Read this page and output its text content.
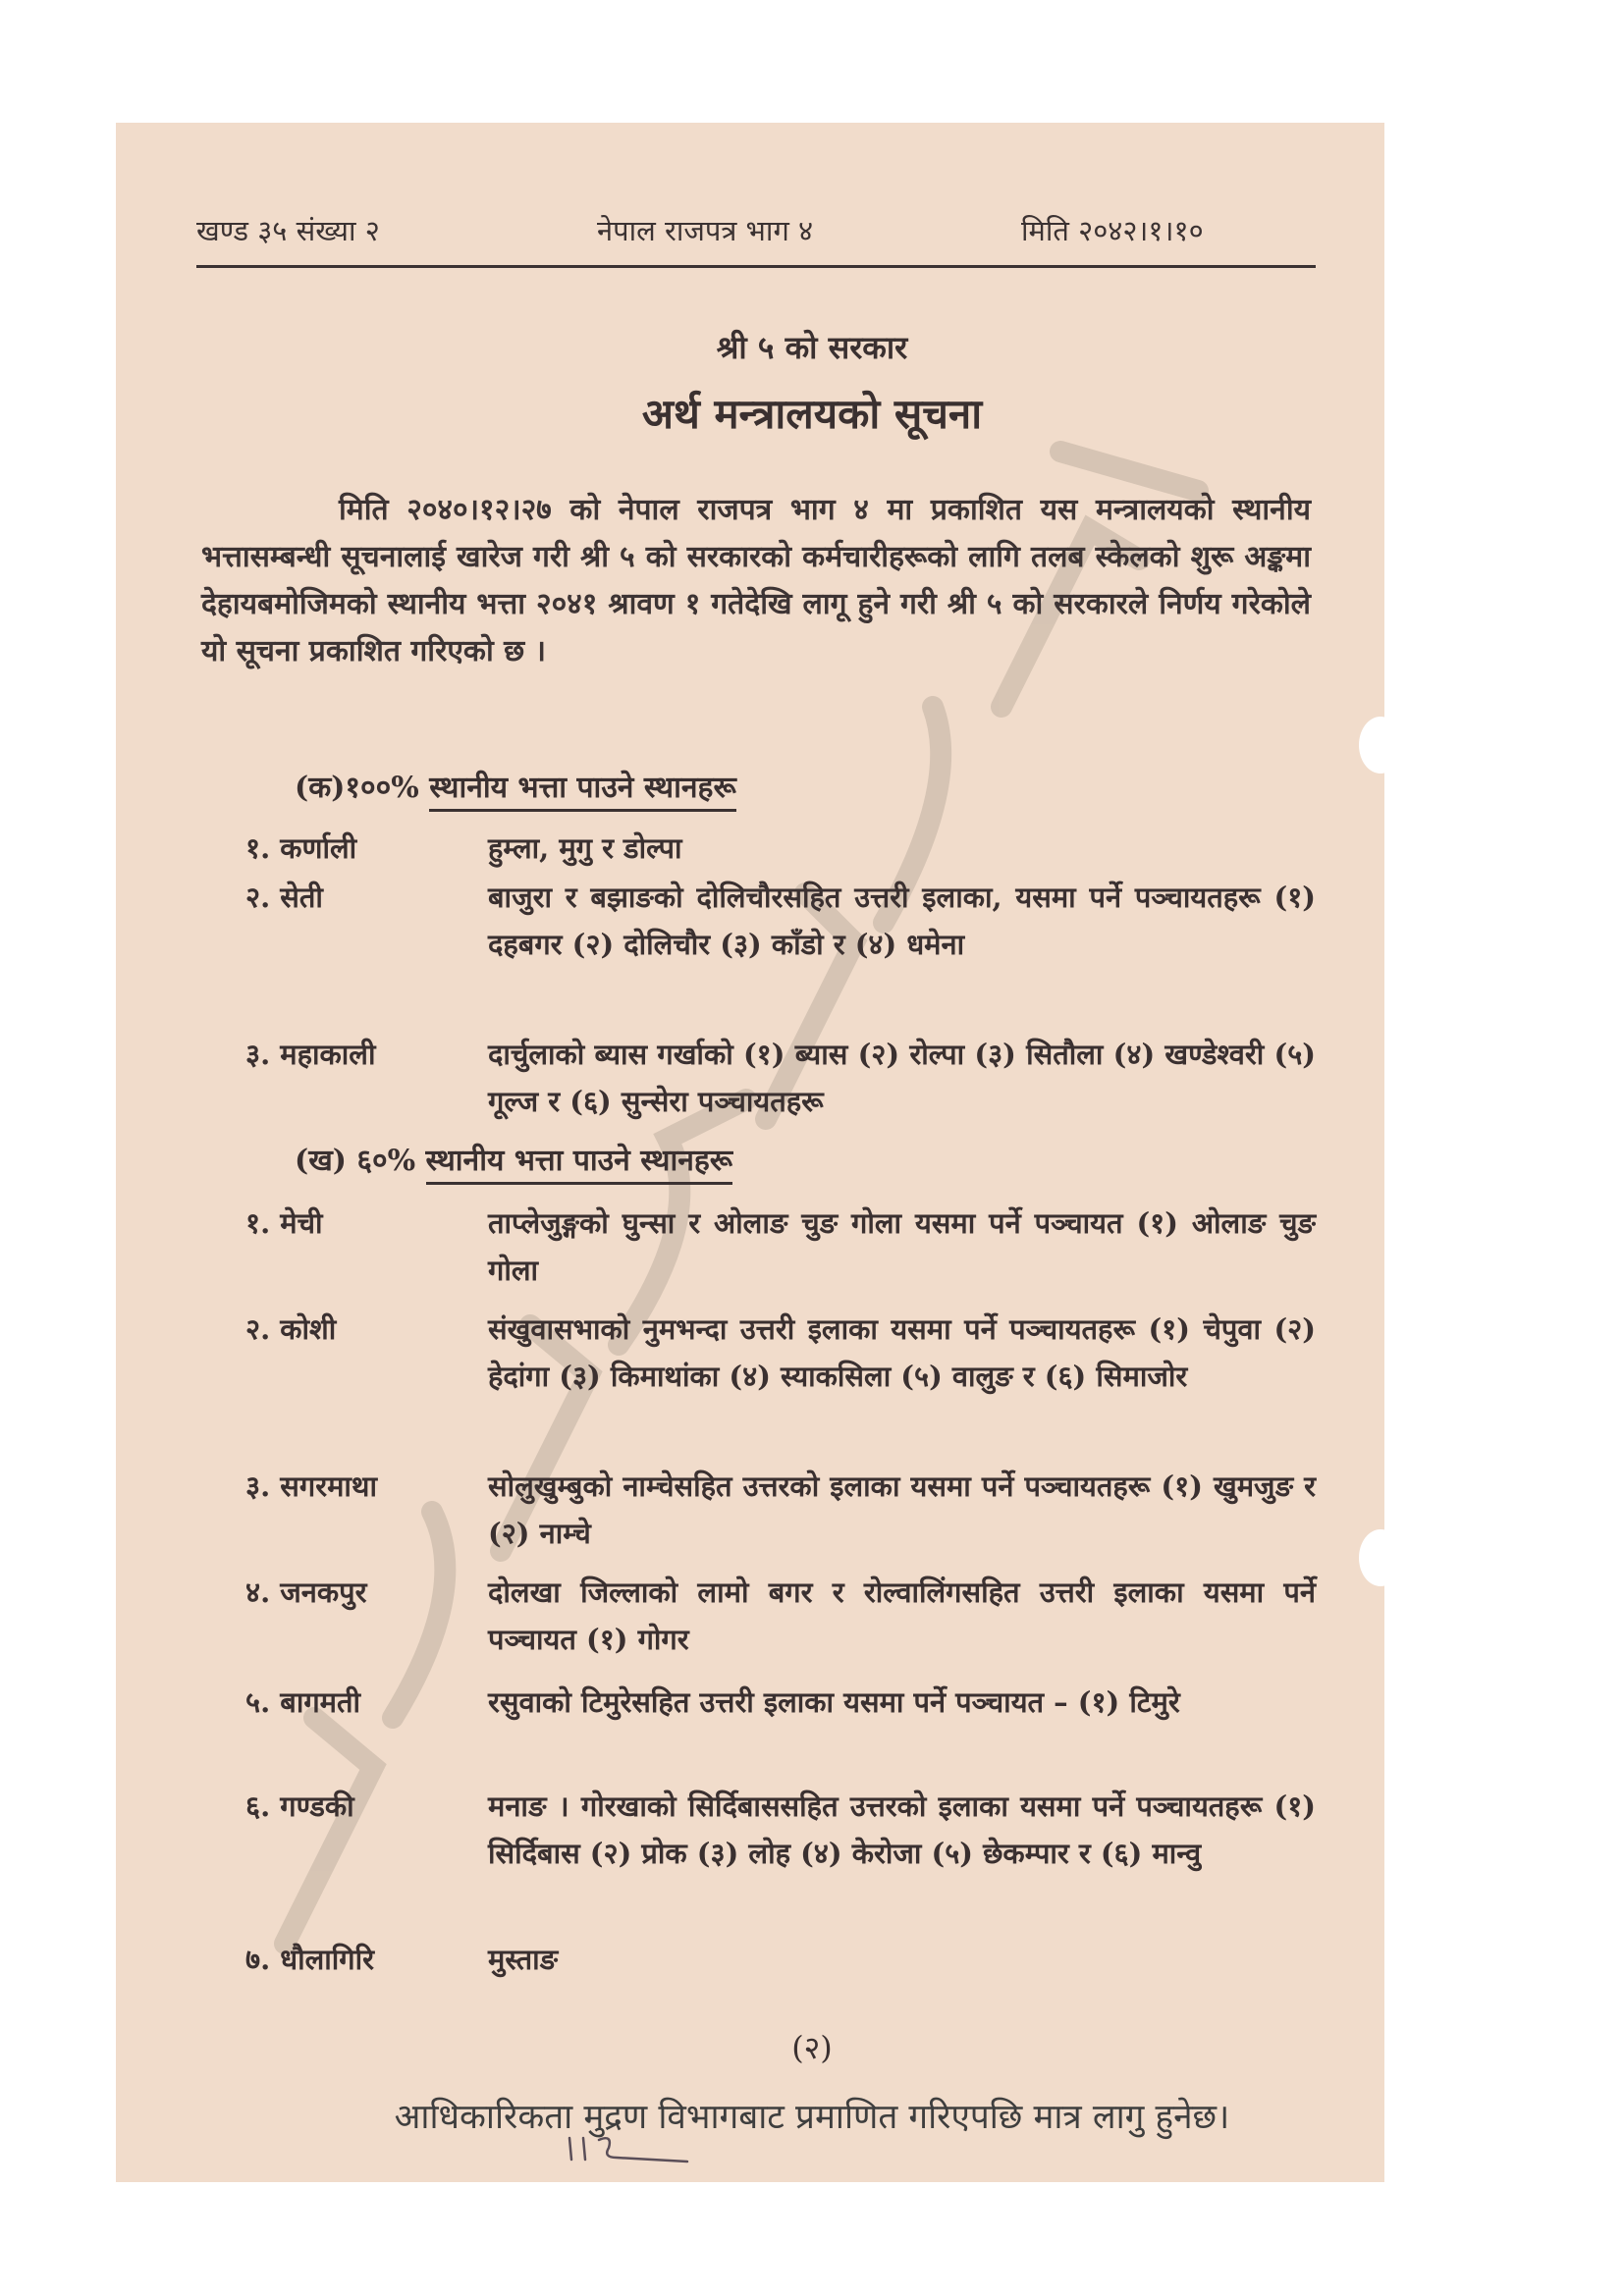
खण्ड ३५ संख्या २	नेपाल राजपत्र भाग ४	मिति २०४२।१।१०
श्री ५ को सरकार
अर्थ मन्त्रालयको सूचना
मिति २०४०।१२।२७ को नेपाल राजपत्र भाग ४ मा प्रकाशित यस मन्त्रालयको स्थानीय भत्तासम्बन्धी सूचनालाई खारेज गरी श्री ५ को सरकारको कर्मचारीहरूको लागि तलब स्केलको शुरू अङ्कमा देहायबमोजिमको स्थानीय भत्ता २०४१ श्रावण १ गतेदेखि लागू हुने गरी श्री ५ को सरकारले निर्णय गरेकोले यो सूचना प्रकाशित गरिएको छ ।
(क)१००% स्थानीय भत्ता पाउने स्थानहरू
१. कर्णाली	हुम्ला, मुगु र डोल्पा
२. सेती	बाजुरा र बझाङको दोलिचौरसहित उत्तरी इलाका, यसमा पर्ने पञ्चायतहरू (१) दहबगर (२) दोलिचौर (३) काँडो र (४) धमेना
३. महाकाली	दार्चुलाको ब्यास गर्खाको (१) ब्यास (२) रोल्पा (३) सितौला (४) खण्डेश्वरी (५) गूल्ज र (६) सुन्सेरा पञ्चायतहरू
(ख) ६०% स्थानीय भत्ता पाउने स्थानहरू
१. मेची	ताप्लेजुङ्गको घुन्सा र ओलाङ चुङ गोला यसमा पर्ने पञ्चायत (१) ओलाङ चुङ गोला
२. कोशी	संखुवासभाको नुमभन्दा उत्तरी इलाका यसमा पर्ने पञ्चायतहरू (१) चेपुवा (२) हेदांगा (३) किमाथांका (४) स्याकसिला (५) वालुङ र (६) सिमाजोर
३. सगरमाथा	सोलुखुम्बुको नाम्चेसहित उत्तरको इलाका यसमा पर्ने पञ्चायतहरू (१) खुमजुङ र (२) नाम्चे
४. जनकपुर	दोलखा जिल्लाको लामो बगर र रोल्वालिंगसहित उत्तरी इलाका यसमा पर्ने पञ्चायत (१) गोगर
५. बागमती	रसुवाको टिमुरेसहित उत्तरी इलाका यसमा पर्ने पञ्चायत – (१) टिमुरे
६. गण्डकी	मनाङ । गोरखाको सिर्दिबाससहित उत्तरको इलाका यसमा पर्ने पञ्चायतहरू (१) सिर्दिबास (२) प्रोक (३) लोह (४) केरोजा (५) छेकम्पार र (६) मान्वु
७. धौलागिरि	मुस्ताङ
(२)
आधिकारिकता मुद्रण विभागबाट प्रमाणित गरिएपछि मात्र लागु हुनेछ।
